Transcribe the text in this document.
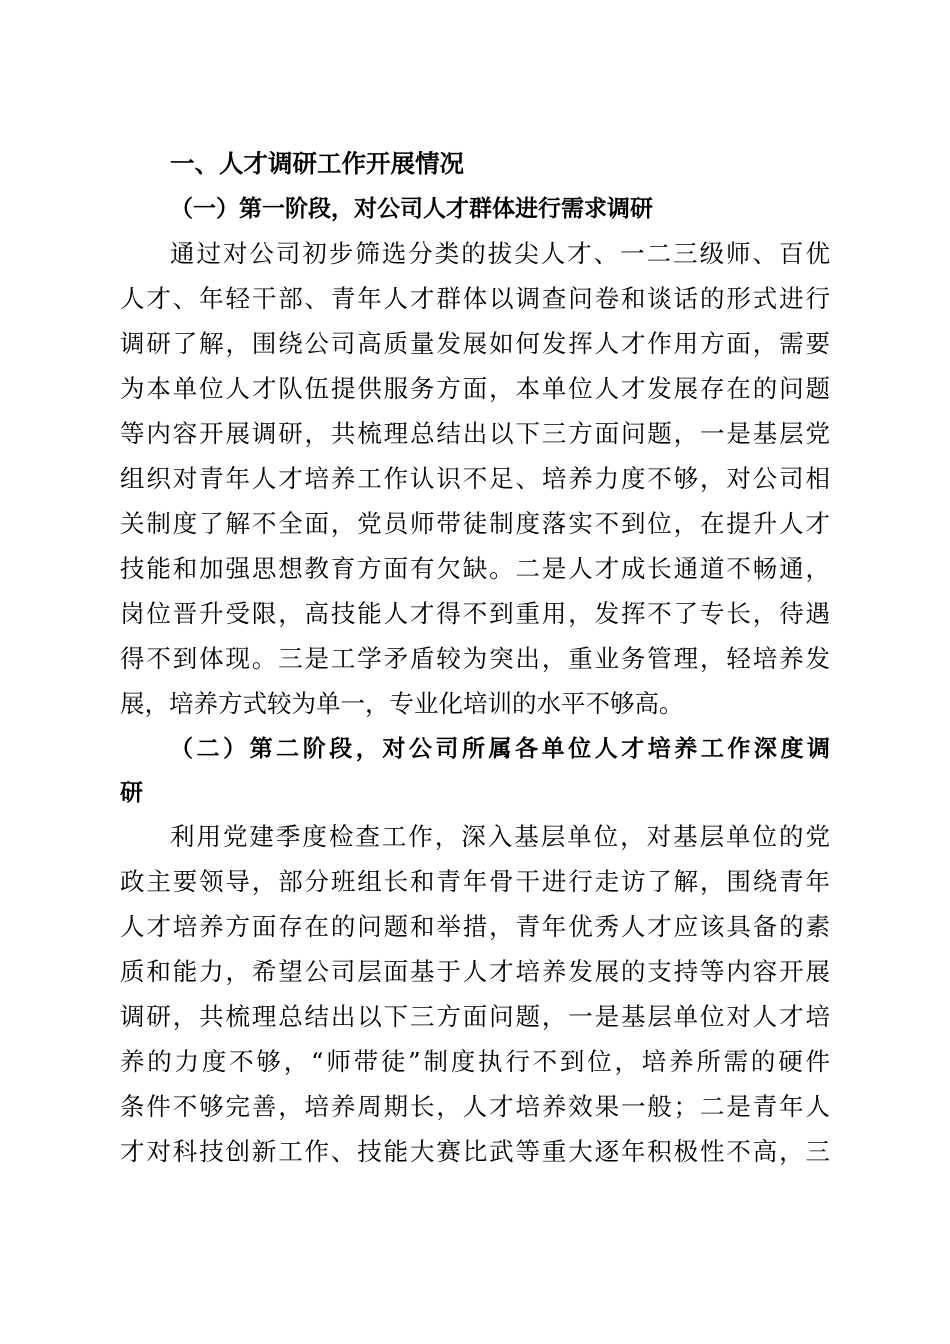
一、人才调研工作开展情况
（一）第一阶段，对公司人才群体进行需求调研
通过对公司初步筛选分类的拔尖人才、一二三级师、百优
人才、年轻干部、青年人才群体以调查问卷和谈话的形式进行
调研了解，围绕公司高质量发展如何发挥人才作用方面，需要
为本单位人才队伍提供服务方面，本单位人才发展存在的问题
等内容开展调研，共梳理总结出以下三方面问题，一是基层党
组织对青年人才培养工作认识不足、培养力度不够，对公司相
关制度了解不全面，党员师带徒制度落实不到位，在提升人才
技能和加强思想教育方面有欠缺。二是人才成长通道不畅通，
岗位晋升受限，高技能人才得不到重用，发挥不了专长，待遇
得不到体现。三是工学矛盾较为突出，重业务管理，轻培养发
展，培养方式较为单一，专业化培训的水平不够高。
（二）第二阶段，对公司所属各单位人才培养工作深度调
研
利用党建季度检查工作，深入基层单位，对基层单位的党
政主要领导，部分班组长和青年骨干进行走访了解，围绕青年
人才培养方面存在的问题和举措，青年优秀人才应该具备的素
质和能力，希望公司层面基于人才培养发展的支持等内容开展
调研，共梳理总结出以下三方面问题，一是基层单位对人才培
养的力度不够，“师带徒”制度执行不到位，培养所需的硬件
条件不够完善，培养周期长，人才培养效果一般；二是青年人
才对科技创新工作、技能大赛比武等重大逐年积极性不高，三
